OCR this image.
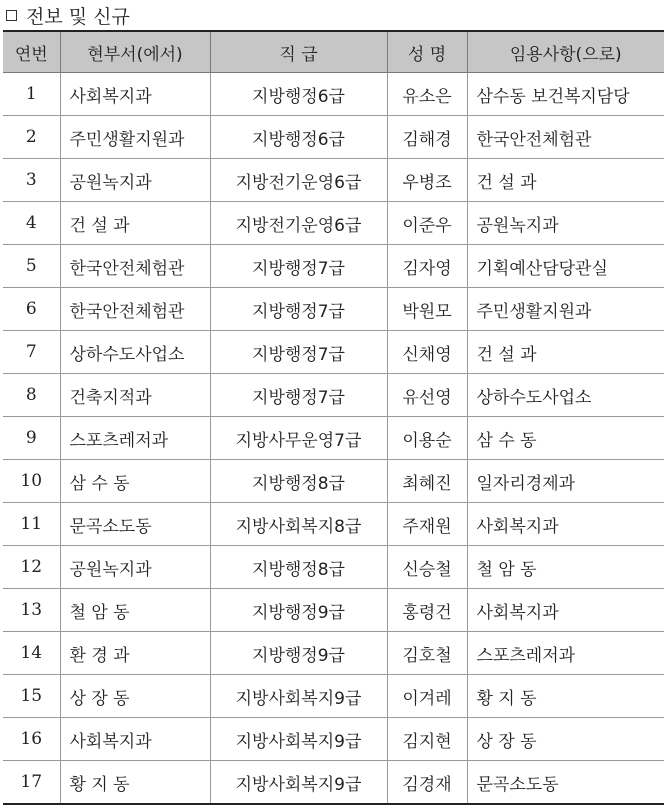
전보 및 신규
연번	현부서(에서)	직 급	성 명	임용사항(으로)
1	사회복지과	지방행정6급	유소은	삼수동 보건복지담당
2	주민생활지원과	지방행정6급	김해경	한국안전체험관
3	공원녹지과	지방전기운영6급	우병조	건 설 과
4	건 설 과	지방전기운영6급	이준우	공원녹지과
5	한국안전체험관	지방행정7급	김자영	기획예산담당관실
6	한국안전체험관	지방행정7급	박원모	주민생활지원과
7	상하수도사업소	지방행정7급	신채영	건 설 과
8	건축지적과	지방행정7급	유선영	상하수도사업소
9	스포츠레저과	지방사무운영7급	이용순	삼 수 동
10	삼 수 동	지방행정8급	최혜진	일자리경제과
11	문곡소도동	지방사회복지8급	주재원	사회복지과
12	공원녹지과	지방행정8급	신승철	철 암 동
13	철 암 동	지방행정9급	홍령건	사회복지과
14	환 경 과	지방행정9급	김호철	스포츠레저과
15	상 장 동	지방사회복지9급	이겨레	황 지 동
16	사회복지과	지방사회복지9급	김지현	상 장 동
17	황 지 동	지방사회복지9급	김경재	문곡소도동
